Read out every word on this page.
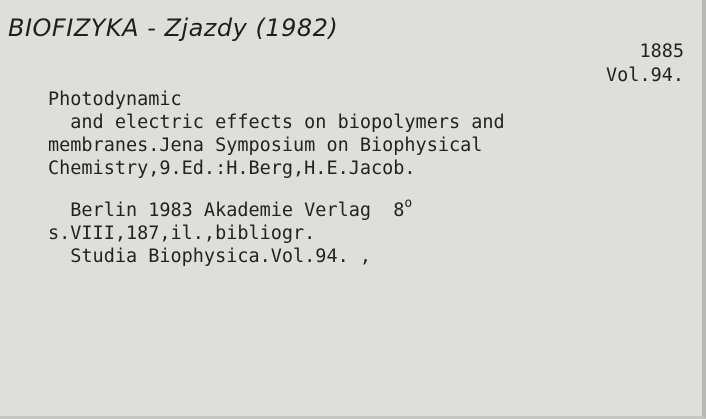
BIOFIZYKA - Zjazdy (1982)
1885
Vol.94.
Photodynamic
and electric effects on biopolymers and
membranes.Jena Symposium on Biophysical
Chemistry,9.Ed.:H.Berg,H.E.Jacob.
Berlin 1983 Akademie Verlag  8$^o$
s.VIII,187,il.,bibliogr.
Studia Biophysica.Vol.94. ,
